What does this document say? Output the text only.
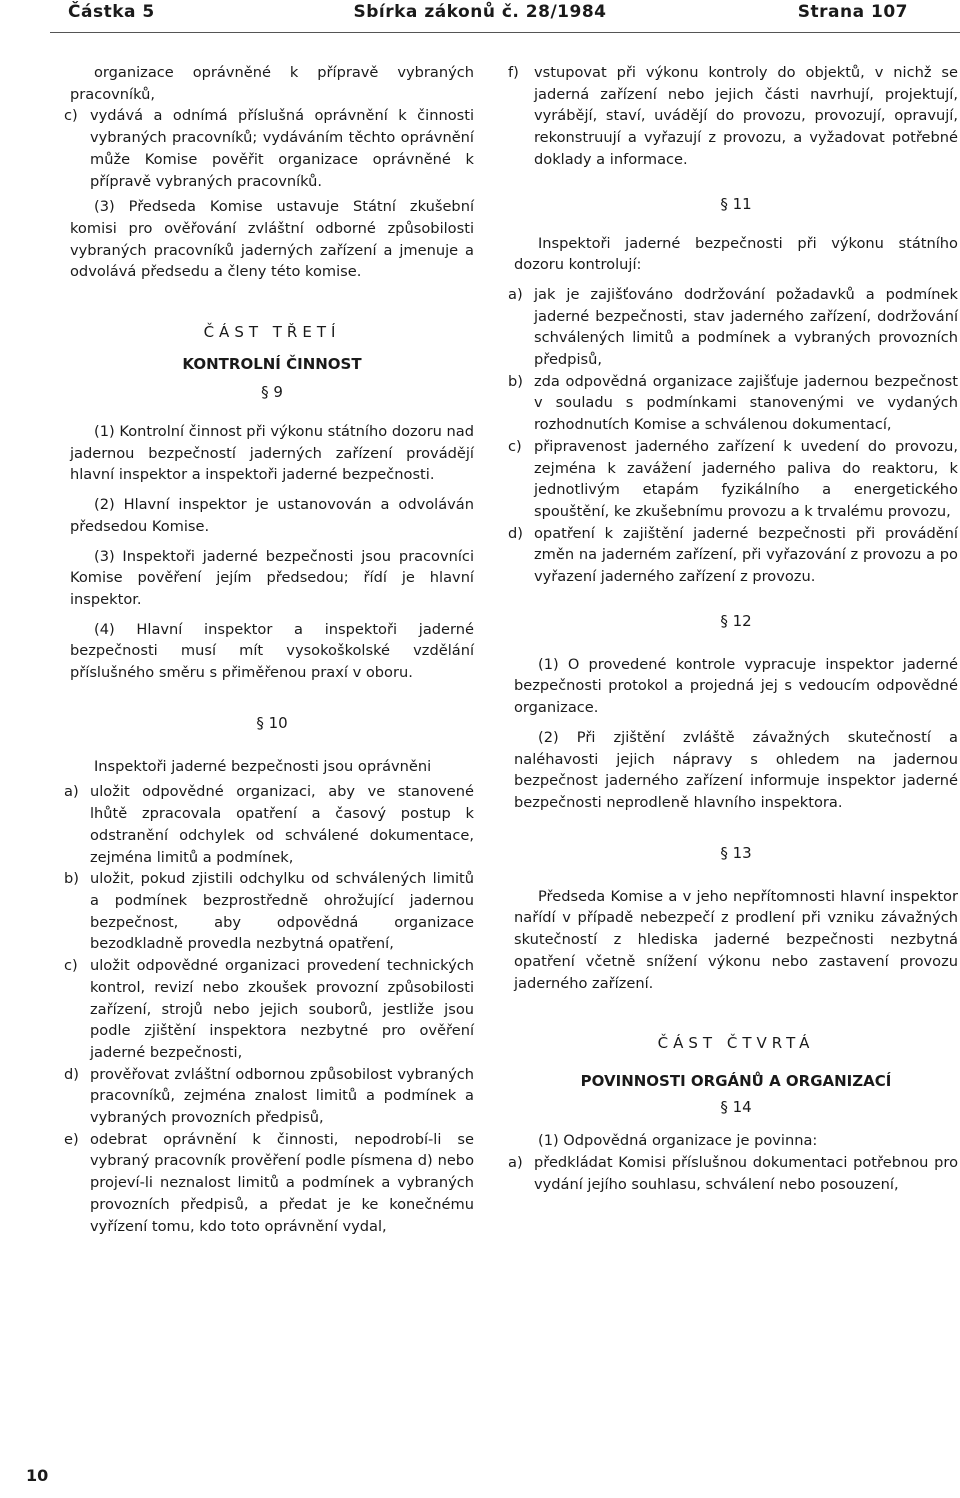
Částka 5	Sbírka zákonů č. 28/1984	Strana 107

organizace oprávněné k přípravě vybraných pracovníků,

c) vydává a odnímá příslušná oprávnění k činnosti vybraných pracovníků; vydáváním těchto oprávnění může Komise pověřit organizace oprávněné k přípravě vybraných pracovníků.

(3) Předseda Komise ustavuje Státní zkušební komisi pro ověřování zvláštní odborné způsobilosti vybraných pracovníků jaderných zařízení a jmenuje a odvolává předsedu a členy této komise.

ČÁST TŘETÍ
KONTROLNÍ ČINNOST
§ 9

(1) Kontrolní činnost při výkonu státního dozoru nad jadernou bezpečností jaderných zařízení provádějí hlavní inspektor a inspektoři jaderné bezpečnosti.

(2) Hlavní inspektor je ustanovován a odvoláván předsedou Komise.

(3) Inspektoři jaderné bezpečnosti jsou pracovníci Komise pověření jejím předsedou; řídí je hlavní inspektor.

(4) Hlavní inspektor a inspektoři jaderné bezpečnosti musí mít vysokoškolské vzdělání příslušného směru s přiměřenou praxí v oboru.

§ 10

Inspektoři jaderné bezpečnosti jsou oprávněni

a) uložit odpovědné organizaci, aby ve stanovené lhůtě zpracovala opatření a časový postup k odstranění odchylek od schválené dokumentace, zejména limitů a podmínek,
b) uložit, pokud zjistili odchylku od schválených limitů a podmínek bezprostředně ohrožující jadernou bezpečnost, aby odpovědná organizace bezodkladně provedla nezbytná opatření,
c) uložit odpovědné organizaci provedení technických kontrol, revizí nebo zkoušek provozní způsobilosti zařízení, strojů nebo jejich souborů, jestliže jsou podle zjištění inspektora nezbytné pro ověření jaderné bezpečnosti,
d) prověřovat zvláštní odbornou způsobilost vybraných pracovníků, zejména znalost limitů a podmínek a vybraných provozních předpisů,
e) odebrat oprávnění k činnosti, nepodrobí-li se vybraný pracovník prověření podle písmena d) nebo projeví-li neznalost limitů a podmínek a vybraných provozních předpisů, a předat je ke konečnému vyřízení tomu, kdo toto oprávnění vydal,
f)	vstupovat při výkonu kontroly do objektů, v nichž se jaderná zařízení nebo jejich části navrhují, projektují, vyrábějí, staví, uvádějí do provozu, provozují, opravují, rekonstruují a vyřazují z provozu, a vyžadovat potřebné doklady a informace.
§ 11

Inspektoři jaderné bezpečnosti při výkonu státního dozoru kontrolují:

a) jak je zajišťováno dodržování požadavků a podmínek jaderné bezpečnosti, stav jaderného zařízení, dodržování schválených limitů a podmínek a vybraných provozních předpisů,
b) zda odpovědná organizace zajišťuje jadernou bezpečnost v souladu s podmínkami stanovenými ve vydaných rozhodnutích Komise a schválenou dokumentací,
c) připravenost jaderného zařízení k uvedení do provozu, zejména k zavážení jaderného paliva do reaktoru, k jednotlivým etapám fyzikálního a energetického spouštění, ke zkušebnímu provozu a k trvalému provozu,
d) opatření k zajištění jaderné bezpečnosti při provádění změn na jaderném zařízení, při vyřazování z provozu a po vyřazení jaderného zařízení z provozu.
§ 12

(1) O provedené kontrole vypracuje inspektor jaderné bezpečnosti protokol a projedná jej s vedoucím odpovědné organizace.

(2) Při zjištění zvláště závažných skutečností a naléhavosti jejich nápravy s ohledem na jadernou bezpečnost jaderného zařízení informuje inspektor jaderné bezpečnosti neprodleně hlavního inspektora.

§ 13

Předseda Komise a v jeho nepřítomnosti hlavní inspektor nařídí v případě nebezpečí z prodlení při vzniku závažných skutečností z hlediska jaderné bezpečnosti nezbytná opatření včetně snížení výkonu nebo zastavení provozu jaderného zařízení.

ČÁST ČTVRTÁ
POVINNOSTI ORGÁNŮ A ORGANIZACÍ
§ 14

(1) Odpovědná organizace je povinna:

a) předkládat Komisi příslušnou dokumentaci potřebnou pro vydání jejího souhlasu, schválení nebo posouzení,
10
